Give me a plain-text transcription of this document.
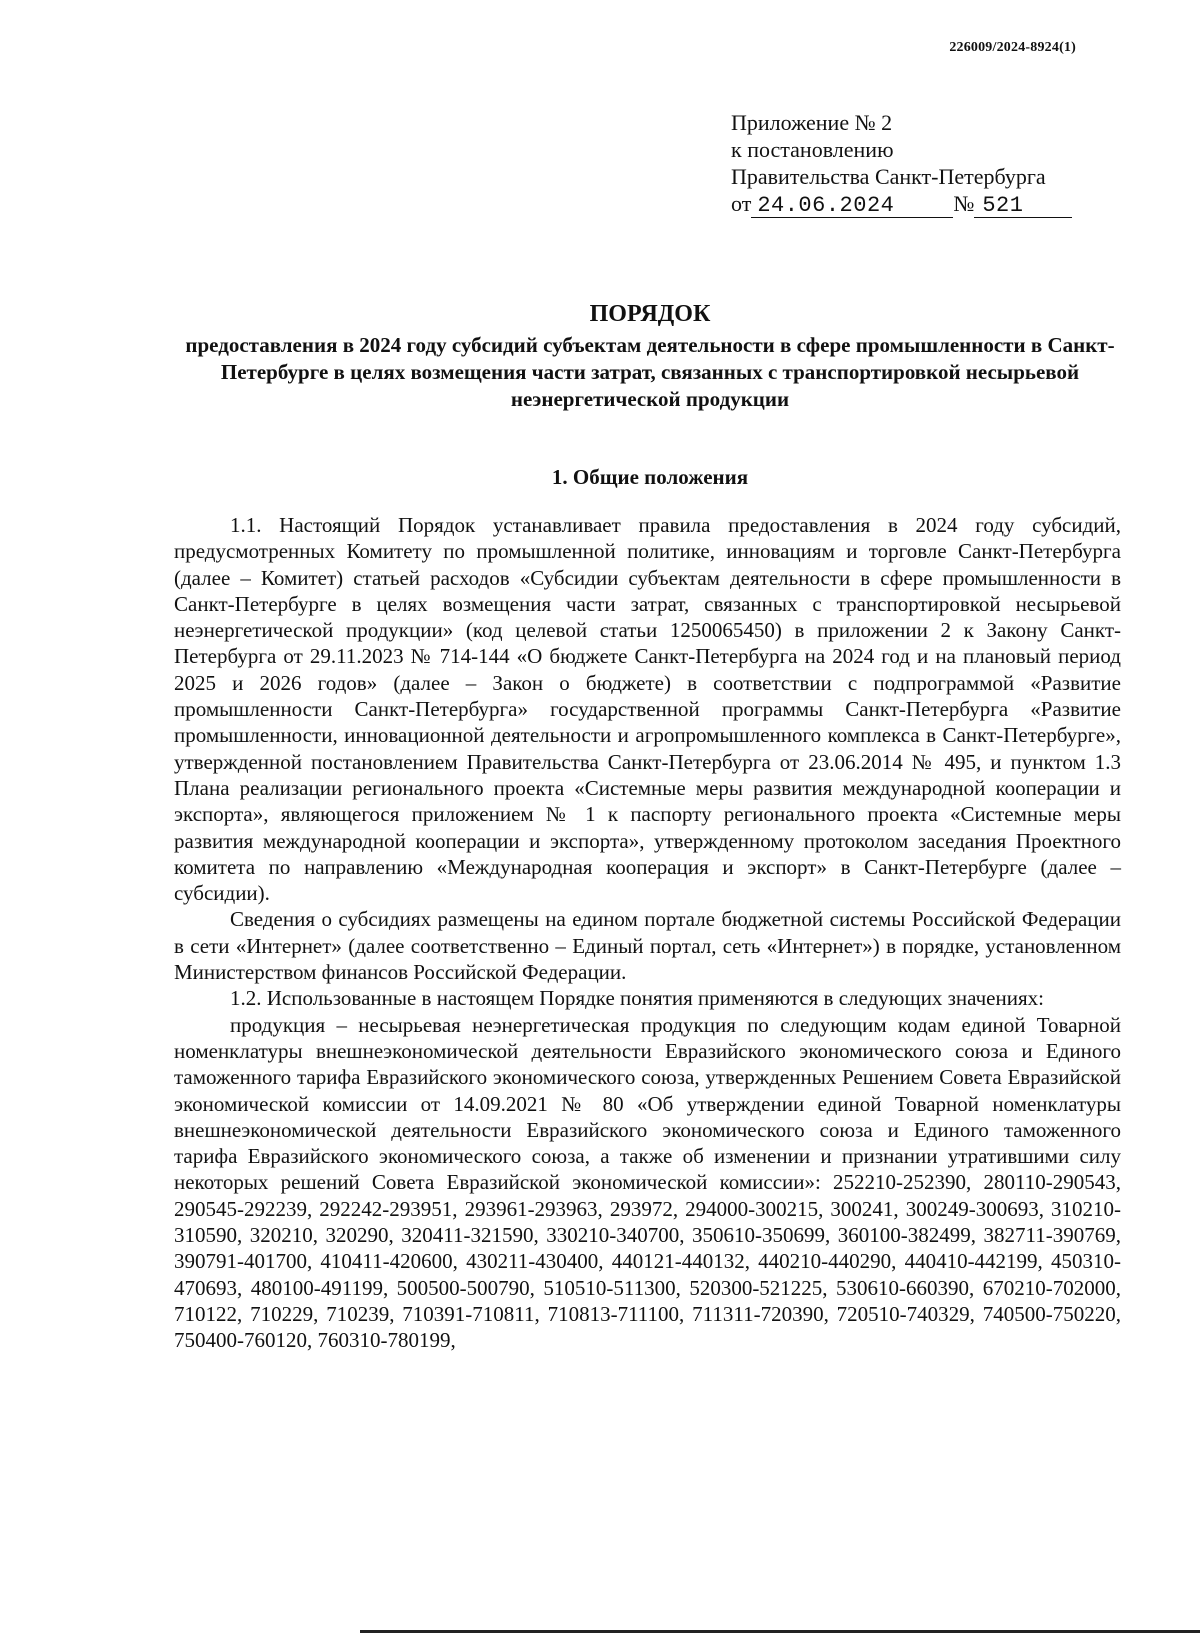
226009/2024-8924(1)
Приложение № 2
к постановлению
Правительства Санкт-Петербурга
от 24.06.2024	№ 521
ПОРЯДОК
предоставления в 2024 году субсидий субъектам деятельности в сфере промышленности в Санкт-Петербурге в целях возмещения части затрат, связанных с транспортировкой несырьевой неэнергетической продукции
1. Общие положения

1.1. Настоящий Порядок устанавливает правила предоставления в 2024 году субсидий, предусмотренных Комитету по промышленной политике, инновациям и торговле Санкт-Петербурга (далее – Комитет) статьей расходов «Субсидии субъектам деятельности в сфере промышленности в Санкт-Петербурге в целях возмещения части затрат, связанных с транспортировкой несырьевой неэнергетической продукции» (код целевой статьи 1250065450) в приложении 2 к Закону Санкт-Петербурга от 29.11.2023 № 714-144 «О бюджете Санкт-Петербурга на 2024 год и на плановый период 2025 и 2026 годов» (далее – Закон о бюджете) в соответствии с подпрограммой «Развитие промышленности Санкт-Петербурга» государственной программы Санкт-Петербурга «Развитие промышленности, инновационной деятельности и агропромышленного комплекса в Санкт-Петербурге», утвержденной постановлением Правительства Санкт-Петербурга от 23.06.2014 № 495, и пунктом 1.3 Плана реализации регионального проекта «Системные меры развития международной кооперации и экспорта», являющегося приложением № 1 к паспорту регионального проекта «Системные меры развития международной кооперации и экспорта», утвержденному протоколом заседания Проектного комитета по направлению «Международная кооперация и экспорт» в Санкт-Петербурге (далее – субсидии).

Сведения о субсидиях размещены на едином портале бюджетной системы Российской Федерации в сети «Интернет» (далее соответственно – Единый портал, сеть «Интернет») в порядке, установленном Министерством финансов Российской Федерации.

1.2. Использованные в настоящем Порядке понятия применяются в следующих значениях:

продукция – несырьевая неэнергетическая продукция по следующим кодам единой Товарной номенклатуры внешнеэкономической деятельности Евразийского экономического союза и Единого таможенного тарифа Евразийского экономического союза, утвержденных Решением Совета Евразийской экономической комиссии от 14.09.2021 № 80 «Об утверждении единой Товарной номенклатуры внешнеэкономической деятельности Евразийского экономического союза и Единого таможенного тарифа Евразийского экономического союза, а также об изменении и признании утратившими силу некоторых решений Совета Евразийской экономической комиссии»: 252210-252390, 280110-290543, 290545-292239, 292242-293951, 293961-293963, 293972, 294000-300215, 300241, 300249-300693, 310210-310590, 320210, 320290, 320411-321590, 330210-340700, 350610-350699, 360100-382499, 382711-390769, 390791-401700, 410411-420600, 430211-430400, 440121-440132, 440210-440290, 440410-442199, 450310-470693, 480100-491199, 500500-500790, 510510-511300, 520300-521225, 530610-660390, 670210-702000, 710122, 710229, 710239, 710391-710811, 710813-711100, 711311-720390, 720510-740329, 740500-750220, 750400-760120, 760310-780199,
